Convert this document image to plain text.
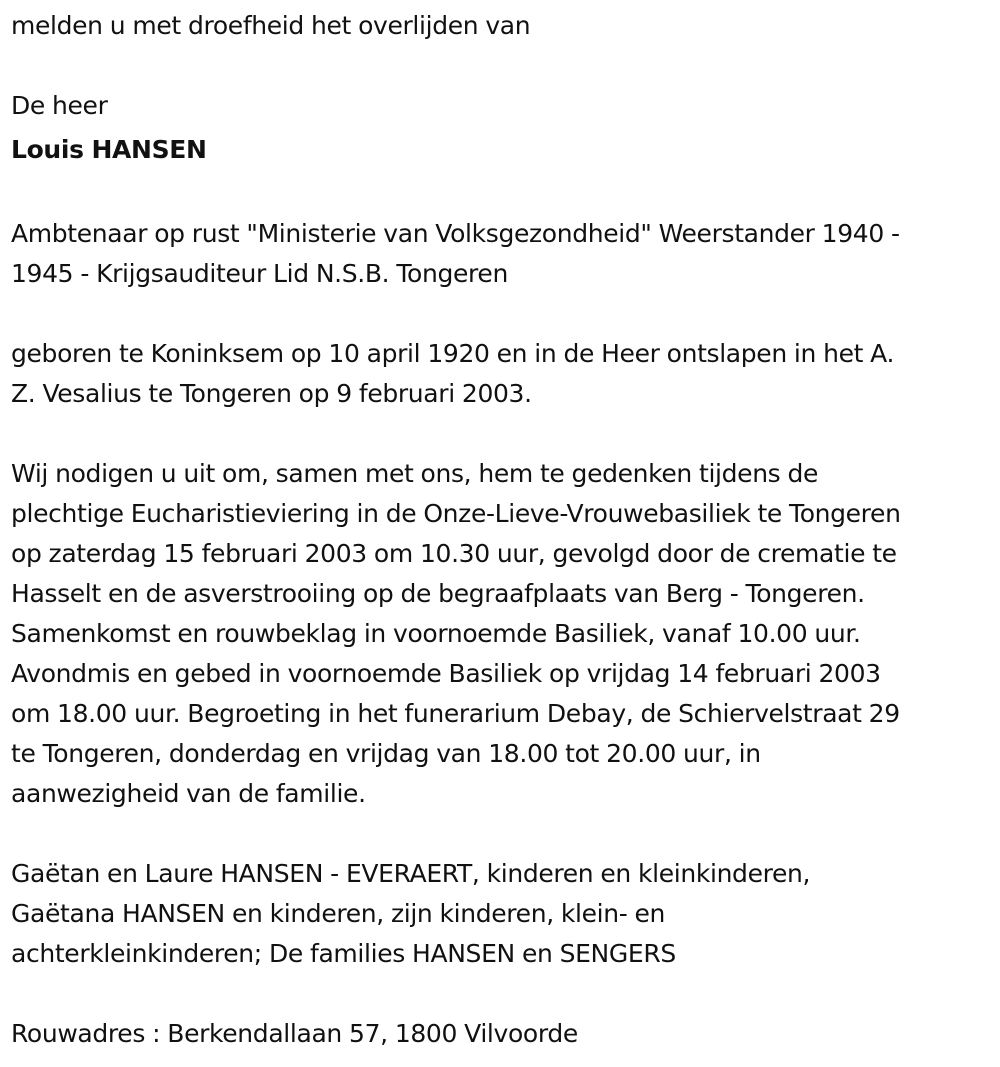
melden u met droefheid het overlijden van

De heer

Louis HANSEN

Ambtenaar op rust "Ministerie van Volksgezondheid" Weerstander 1940 -
1945 - Krijgsauditeur Lid N.S.B. Tongeren

geboren te Koninksem op 10 april 1920 en in de Heer ontslapen in het A.
Z. Vesalius te Tongeren op 9 februari 2003.

Wij nodigen u uit om, samen met ons, hem te gedenken tijdens de
plechtige Eucharistieviering in de Onze-Lieve-Vrouwebasiliek te Tongeren
op zaterdag 15 februari 2003 om 10.30 uur, gevolgd door de crematie te
Hasselt en de asverstrooiing op de begraafplaats van Berg - Tongeren.
Samenkomst en rouwbeklag in voornoemde Basiliek, vanaf 10.00 uur.
Avondmis en gebed in voornoemde Basiliek op vrijdag 14 februari 2003
om 18.00 uur. Begroeting in het funerarium Debay, de Schiervelstraat 29
te Tongeren, donderdag en vrijdag van 18.00 tot 20.00 uur, in
aanwezigheid van de familie.

Gaëtan en Laure HANSEN - EVERAERT, kinderen en kleinkinderen,
Gaëtana HANSEN en kinderen, zijn kinderen, klein- en
achterkleinkinderen; De families HANSEN en SENGERS

Rouwadres : Berkendallaan 57, 1800 Vilvoorde
